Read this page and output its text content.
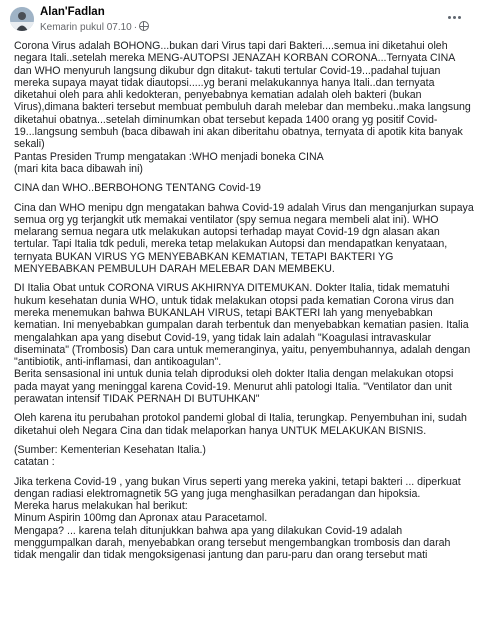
Alan'Fadlan
Kemarin pukul 07.10 ·

Corona Virus adalah BOHONG...bukan dari Virus tapi dari Bakteri....semua ini diketahui oleh negara Itali..setelah mereka MENG-AUTOPSI JENAZAH KORBAN CORONA...Ternyata CINA dan WHO menyuruh langsung dikubur dgn ditakut- takuti tertular Covid-19...padahal tujuan mereka supaya mayat tidak diautopsi.....yg berani melakukannya hanya Itali..dan ternyata diketahui oleh para ahli kedokteran, penyebabnya kematian adalah oleh bakteri (bukan Virus),dimana bakteri tersebut membuat pembuluh darah melebar dan membeku..maka langsung diketahui obatnya...setelah diminumkan obat tersebut kepada 1400 orang yg positif Covid-19...langsung sembuh (baca dibawah ini akan diberitahu obatnya, ternyata di apotik kita banyak sekali)
Pantas Presiden Trump mengatakan :WHO menjadi boneka CINA
(mari kita baca dibawah ini)

CINA dan WHO..BERBOHONG TENTANG Covid-19

Cina dan WHO menipu dgn mengatakan bahwa Covid-19 adalah Virus dan menganjurkan supaya semua org yg terjangkit utk memakai ventilator (spy semua negara membeli alat ini). WHO melarang semua negara utk melakukan autopsi terhadap mayat Covid-19 dgn alasan akan tertular. Tapi Italia tdk peduli, mereka tetap melakukan Autopsi dan mendapatkan kenyataan, ternyata BUKAN VIRUS YG MENYEBABKAN KEMATIAN, TETAPI BAKTERI YG MENYEBABKAN PEMBULUH DARAH MELEBAR DAN MEMBEKU.

DI Italia Obat untuk CORONA VIRUS AKHIRNYA DITEMUKAN. Dokter Italia, tidak mematuhi hukum kesehatan dunia WHO, untuk tidak melakukan otopsi pada kematian Corona virus dan mereka menemukan bahwa BUKANLAH VIRUS, tetapi BAKTERI lah yang menyebabkan kematian. Ini menyebabkan gumpalan darah terbentuk dan menyebabkan kematian pasien. Italia mengalahkan apa yang disebut Covid-19, yang tidak lain adalah "Koagulasi intravaskular diseminata" (Trombosis) Dan cara untuk memeranginya, yaitu, penyembuhannya, adalah dengan "antibiotik, anti-inflamasi, dan antikoagulan".
Berita sensasional ini untuk dunia telah diproduksi oleh dokter Italia dengan melakukan otopsi pada mayat yang meninggal karena Covid-19. Menurut ahli patologi Italia. "Ventilator dan unit perawatan intensif TIDAK PERNAH DI BUTUHKAN"

Oleh karena itu perubahan protokol pandemi global di Italia, terungkap. Penyembuhan ini, sudah diketahui oleh Negara Cina dan tidak melaporkan hanya UNTUK MELAKUKAN BISNIS.

(Sumber: Kementerian Kesehatan Italia.)
catatan :

Jika terkena Covid-19 , yang bukan Virus seperti yang mereka yakini, tetapi bakteri ... diperkuat dengan radiasi elektromagnetik 5G yang juga menghasilkan peradangan dan hipoksia.
Mereka harus melakukan hal berikut:
Minum Aspirin 100mg dan Apronax atau Paracetamol.
Mengapa? ... karena telah ditunjukkan bahwa apa yang dilakukan Covid-19 adalah menggumpalkan darah, menyebabkan orang tersebut mengembangkan trombosis dan darah tidak mengalir dan tidak mengoksigenasi jantung dan paru-paru dan orang tersebut mati
